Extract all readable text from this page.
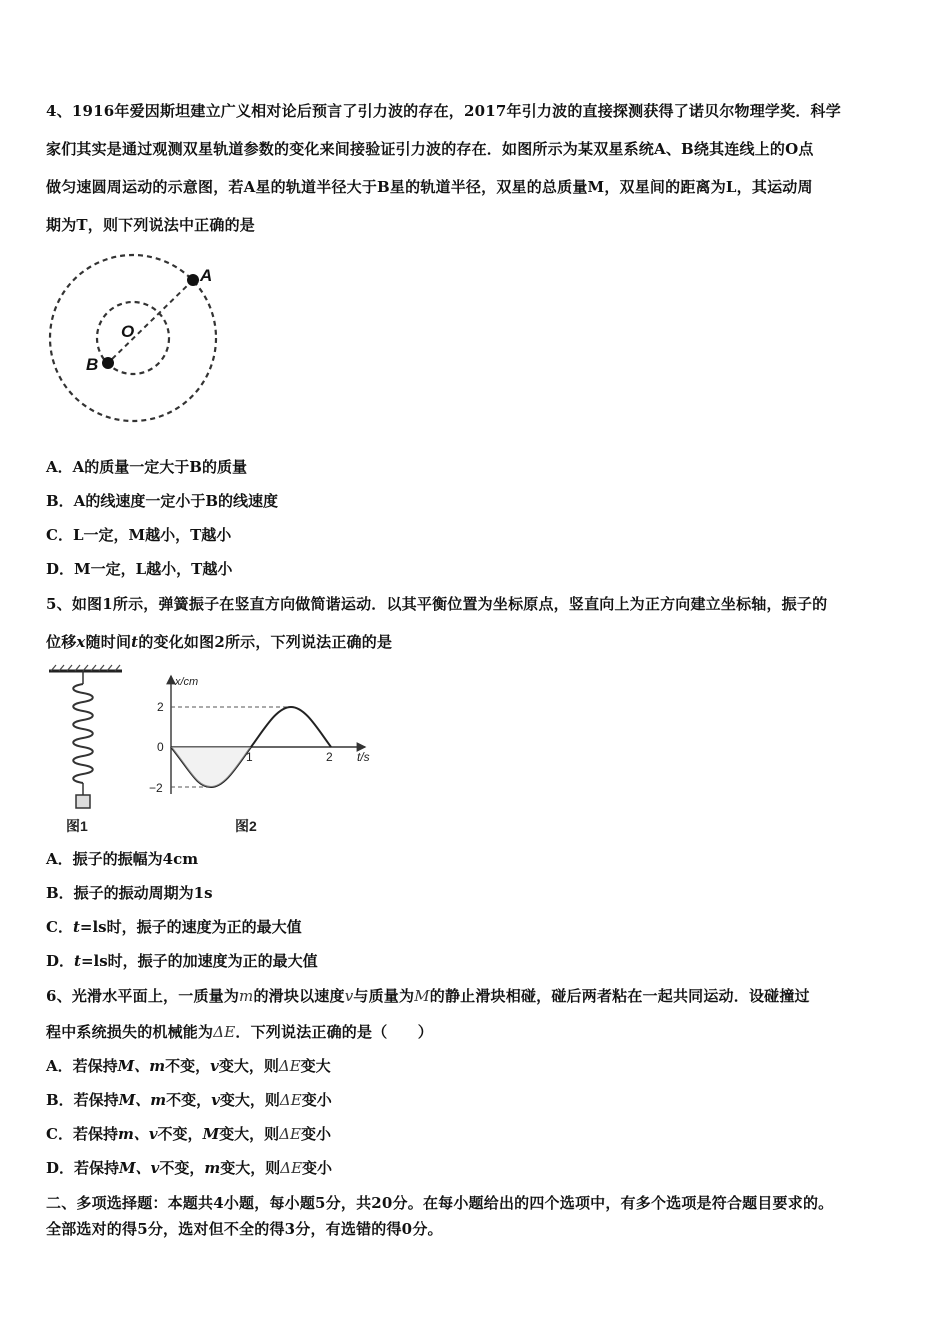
4、1916年爱因斯坦建立广义相对论后预言了引力波的存在，2017年引力波的直接探测获得了诺贝尔物理学奖．科学
家们其实是通过观测双星轨道参数的变化来间接验证引力波的存在．如图所示为某双星系统A、B绕其连线上的O点
做匀速圆周运动的示意图，若A星的轨道半径大于B星的轨道半径，双星的总质量M，双星间的距离为L，其运动周
期为T，则下列说法中正确的是
A
B
O
A．A的质量一定大于B的质量
B．A的线速度一定小于B的线速度
C．L一定，M越小，T越小
D．M一定，L越小，T越小
5、如图1所示，弹簧振子在竖直方向做简谐运动．以其平衡位置为坐标原点，竖直向上为正方向建立坐标轴，振子的
位移x随时间t的变化如图2所示，下列说法正确的是
图1
x/cm
t/s
2
0
−2
1	2
图2
A．振子的振幅为4cm
B．振子的振动周期为1s
C．t=ls时，振子的速度为正的最大值
D．t=ls时，振子的加速度为正的最大值
6、光滑水平面上，一质量为m的滑块以速度v与质量为M的静止滑块相碰，碰后两者粘在一起共同运动．设碰撞过
程中系统损失的机械能为ΔE．下列说法正确的是（　　）
A．若保持M、m不变，v变大，则ΔE变大
B．若保持M、m不变，v变大，则ΔE变小
C．若保持m、v不变，M变大，则ΔE变小
D．若保持M、v不变，m变大，则ΔE变小
二、多项选择题：本题共4小题，每小题5分，共20分。在每小题给出的四个选项中，有多个选项是符合题目要求的。
全部选对的得5分，选对但不全的得3分，有选错的得0分。
